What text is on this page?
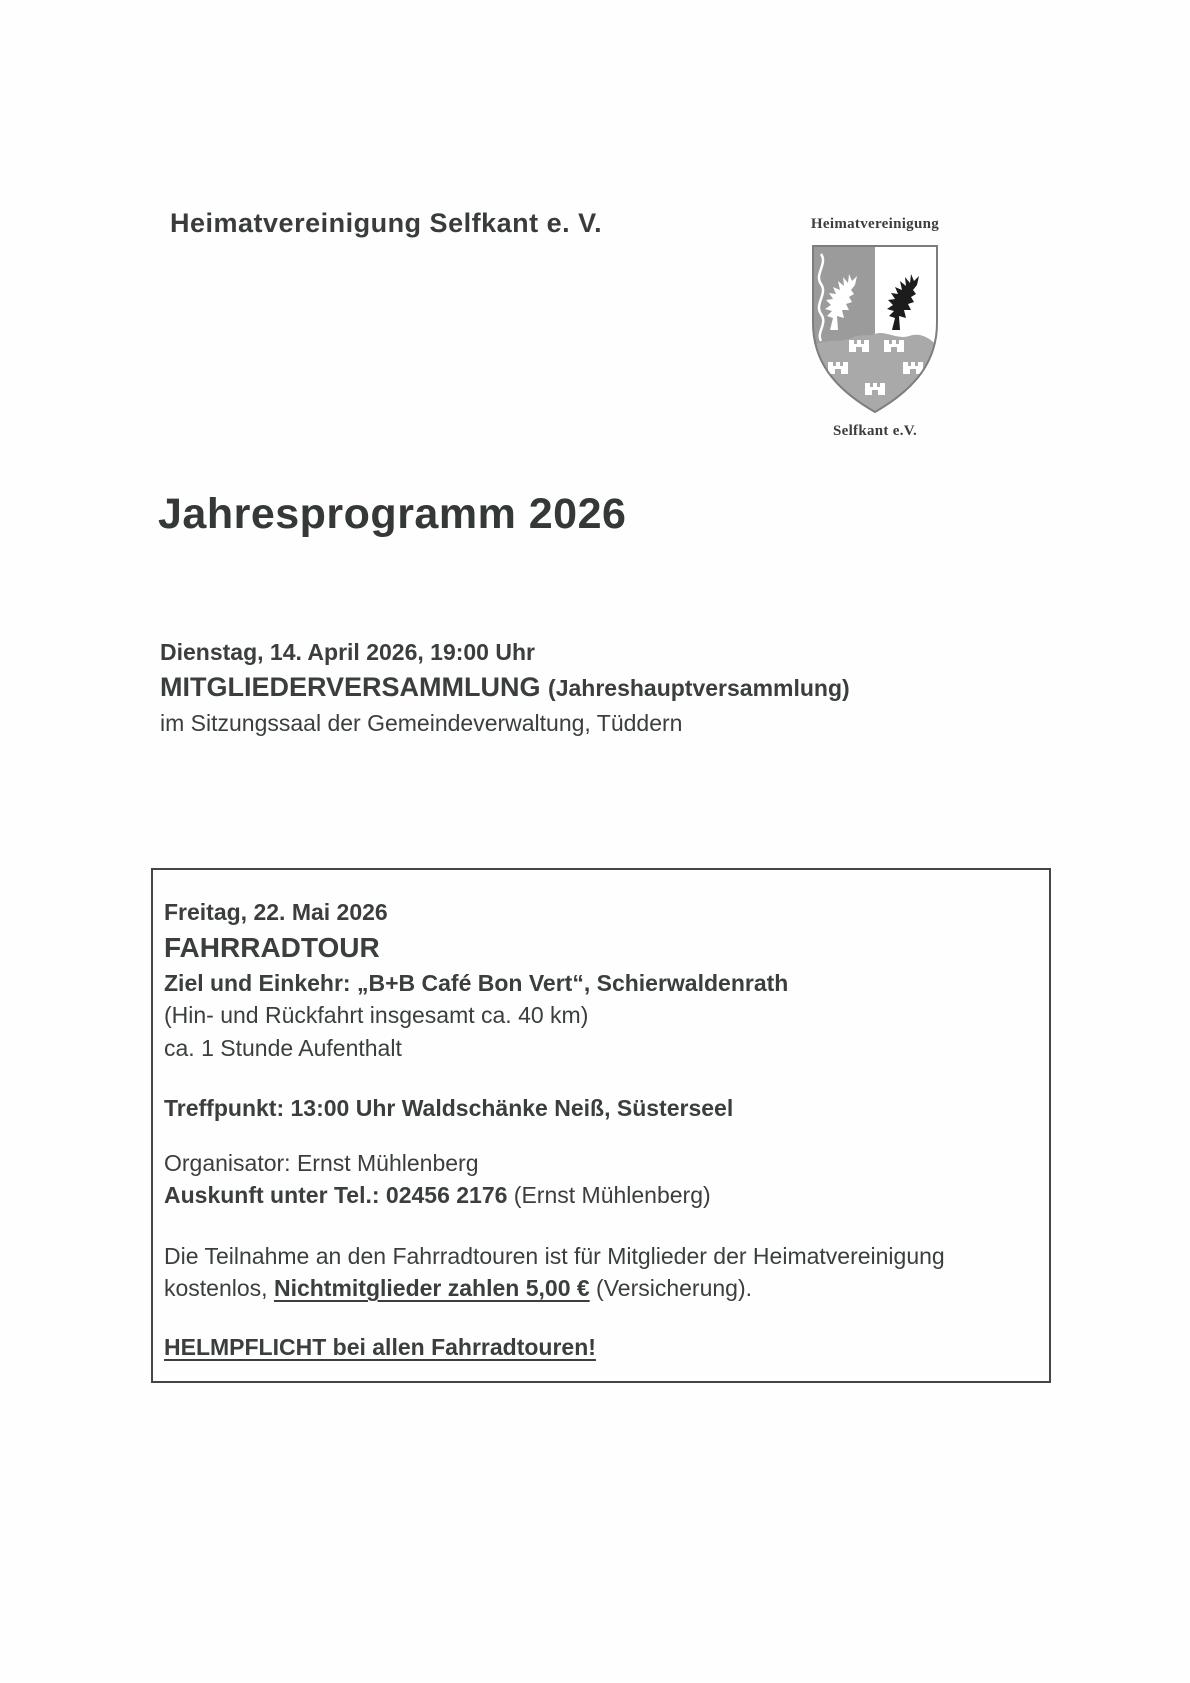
Heimatvereinigung Selfkant e. V.	Heimatvereinigung
Selfkant e.V.
Jahresprogramm 2026

Dienstag, 14. April 2026, 19:00 Uhr

MITGLIEDERVERSAMMLUNG (Jahreshauptversammlung)

im Sitzungssaal der Gemeindeverwaltung, Tüddern

Freitag, 22. Mai 2026

FAHRRADTOUR

Ziel und Einkehr: „B+B Café Bon Vert“, Schierwaldenrath

(Hin- und Rückfahrt insgesamt ca. 40 km)

ca. 1 Stunde Aufenthalt

Treffpunkt: 13:00 Uhr Waldschänke Neiß, Süsterseel

Organisator: Ernst Mühlenberg

Auskunft unter Tel.: 02456 2176 (Ernst Mühlenberg)

Die Teilnahme an den Fahrradtouren ist für Mitglieder der Heimatvereinigung

kostenlos, Nichtmitglieder zahlen 5,00 € (Versicherung).

HELMPFLICHT bei allen Fahrradtouren!
